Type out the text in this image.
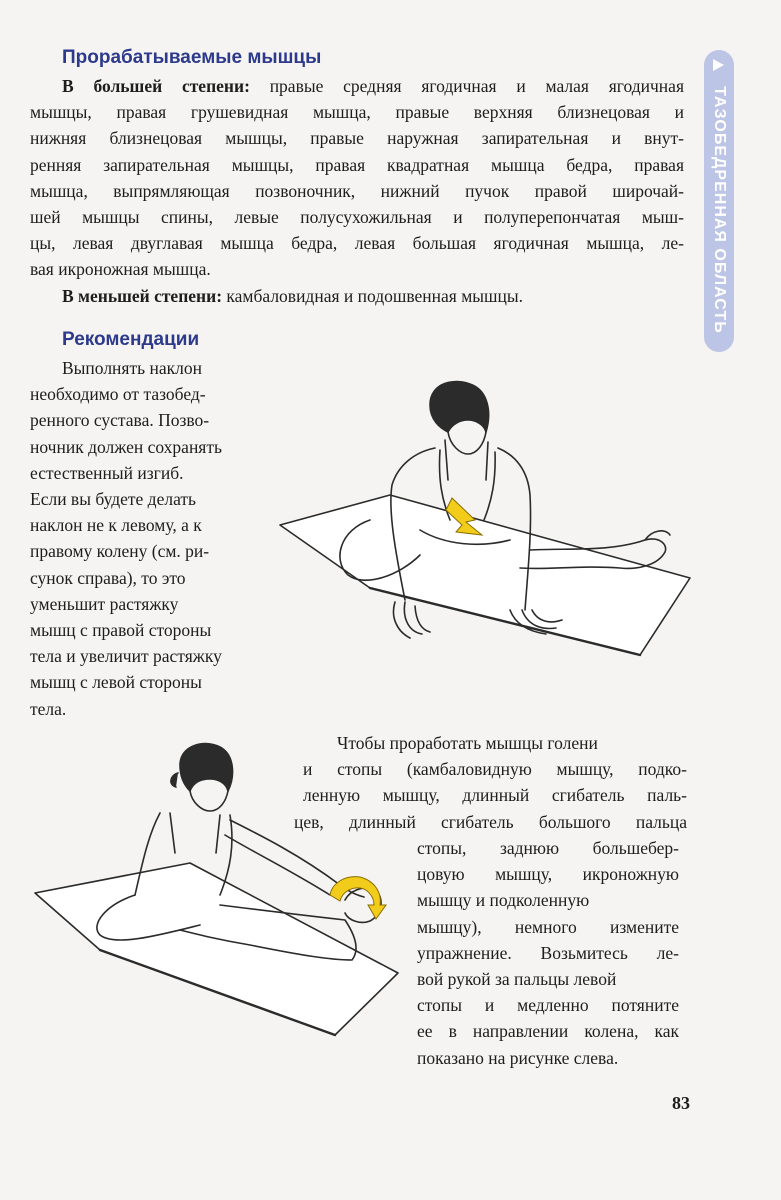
ТАЗОБЕДРЕННАЯ ОБЛАСТЬ
Прорабатываемые мышцы
В большей степени: правые средняя ягодичная и малая ягодичная
мышцы, правая грушевидная мышца, правые верхняя близнецовая и
нижняя близнецовая мышцы, правые наружная запирательная и внут-
ренняя запирательная мышцы, правая квадратная мышца бедра, правая
мышца, выпрямляющая позвоночник, нижний пучок правой широчай-
шей мышцы спины, левые полусухожильная и полуперепончатая мыш-
цы, левая двуглавая мышца бедра, левая большая ягодичная мышца, ле-
вая икроножная мышца.
В меньшей степени: камбаловидная и подошвенная мышцы.
Рекомендации
Выполнять наклон
необходимо от тазобед-
ренного сустава. Позво-
ночник должен сохранять
естественный изгиб.
Если вы будете делать
наклон не к левому, а к
правому колену (см. ри-
сунок справа), то это
уменьшит растяжку
мышц с правой стороны
тела и увеличит растяжку
мышц с левой стороны
тела.
Чтобы проработать мышцы голени
и стопы (камбаловидную мышцу, подко-
ленную мышцу, длинный сгибатель паль-
цев, длинный сгибатель большого пальца
стопы, заднюю большебер-
цовую мышцу, икроножную
мышцу и подколенную
мышцу), немного измените
упражнение. Возьмитесь ле-
вой рукой за пальцы левой
стопы и медленно потяните
ее в направлении колена, как
показано на рисунке слева.
83
